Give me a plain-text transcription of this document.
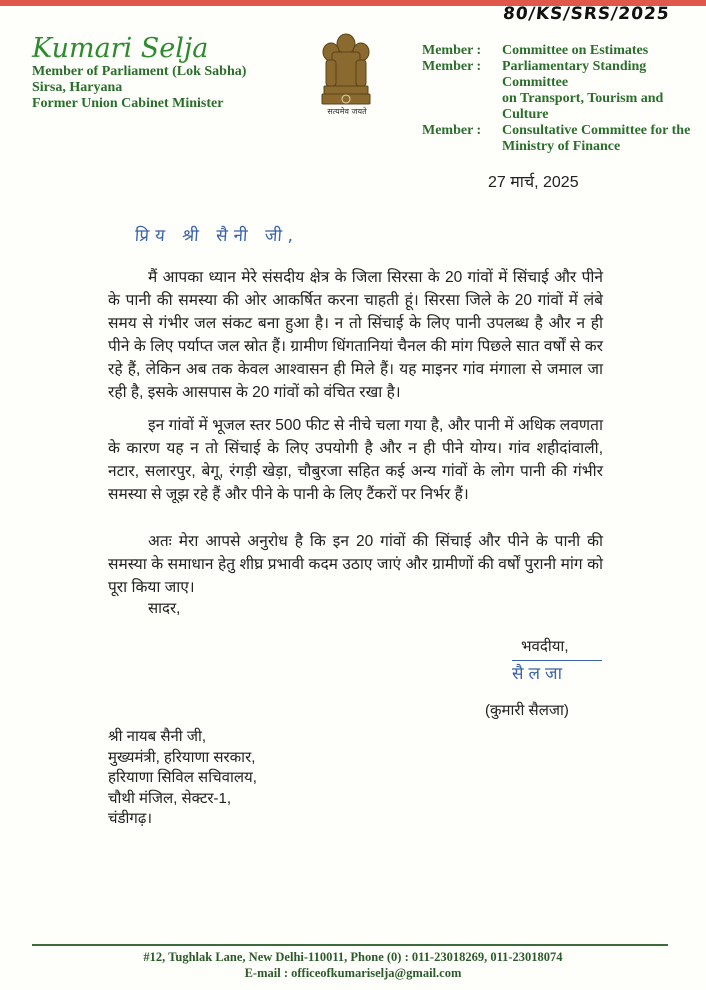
80/KS/SRS/2025
Kumari Selja
Member of Parliament (Lok Sabha)
Sirsa, Haryana
Former Union Cabinet Minister
सत्यमेव जयते
Member :	Committee on Estimates
Member :	Parliamentary Standing Committee
on Transport, Tourism and Culture
Member :	Consultative Committee for the
Ministry of Finance
27 मार्च, 2025
प्रिय श्री सैनी जी,
मैं आपका ध्यान मेरे संसदीय क्षेत्र के जिला सिरसा के 20 गांवों में सिंचाई और पीने के पानी की समस्या की ओर आकर्षित करना चाहती हूं। सिरसा जिले के 20 गांवों में लंबे समय से गंभीर जल संकट बना हुआ है। न तो सिंचाई के लिए पानी उपलब्ध है और न ही पीने के लिए पर्याप्त जल स्रोत हैं। ग्रामीण धिंगतानियां चैनल की मांग पिछले सात वर्षों से कर रहे हैं, लेकिन अब तक केवल आश्वासन ही मिले हैं। यह माइनर गांव मंगाला से जमाल जा रही है, इसके आसपास के 20 गांवों को वंचित रखा है।
इन गांवों में भूजल स्तर 500 फीट से नीचे चला गया है, और पानी में अधिक लवणता के कारण यह न तो सिंचाई के लिए उपयोगी है और न ही पीने योग्य। गांव शहीदांवाली, नटार, सलारपुर, बेगू, रंगड़ी खेड़ा, चौबुरजा सहित कई अन्य गांवों के लोग पानी की गंभीर समस्या से जूझ रहे हैं और पीने के पानी के लिए टैंकरों पर निर्भर हैं।
अतः मेरा आपसे अनुरोध है कि इन 20 गांवों की सिंचाई और पीने के पानी की समस्या के समाधान हेतु शीघ्र प्रभावी कदम उठाए जाएं और ग्रामीणों की वर्षों पुरानी मांग को पूरा किया जाए।
सादर,
भवदीया,
सैलजा
(कुमारी सैलजा)
श्री नायब सैनी जी,
मुख्यमंत्री, हरियाणा सरकार,
हरियाणा सिविल सचिवालय,
चौथी मंजिल, सेक्टर-1,
चंडीगढ़।
#12, Tughlak Lane, New Delhi-110011, Phone (0) : 011-23018269, 011-23018074
E-mail : officeofkumariselja@gmail.com
